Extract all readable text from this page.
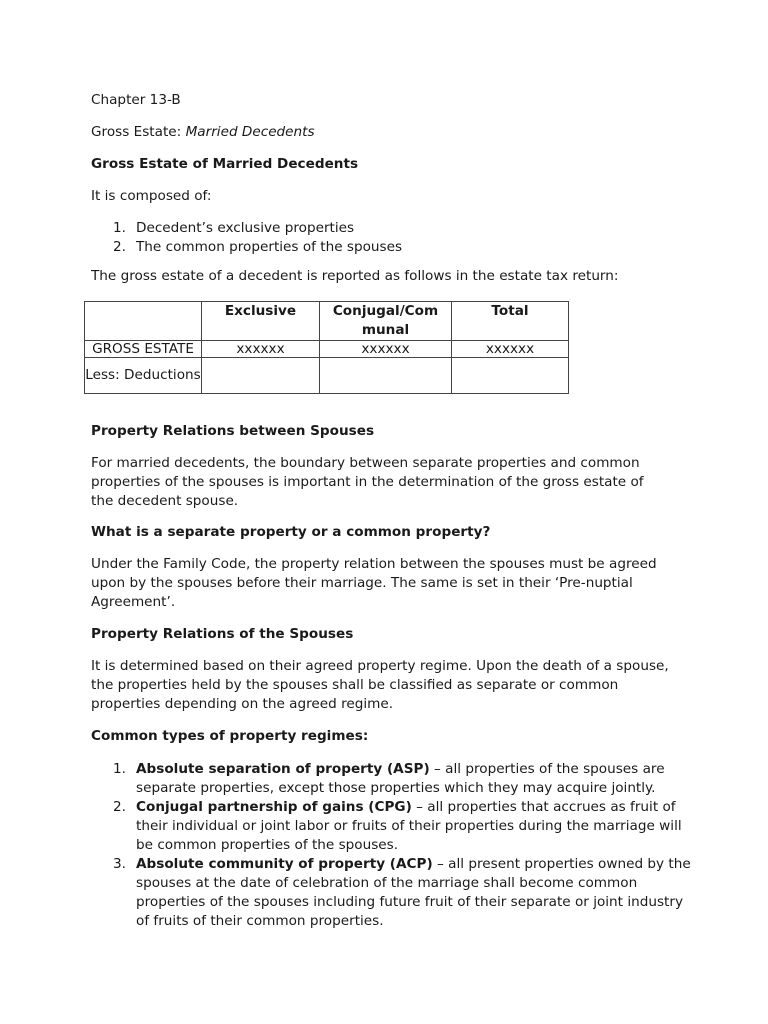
Chapter 13-B

Gross Estate: Married Decedents

Gross Estate of Married Decedents

It is composed of:

1. Decedent’s exclusive properties
2. The common properties of the spouses

The gross estate of a decedent is reported as follows in the estate tax return:

	Exclusive	Conjugal/Com munal	Total
GROSS ESTATE	xxxxxx	xxxxxx	xxxxxx
Less: Deductions			

Property Relations between Spouses

For married decedents, the boundary between separate properties and common properties of the spouses is important in the determination of the gross estate of the decedent spouse.

What is a separate property or a common property?

Under the Family Code, the property relation between the spouses must be agreed upon by the spouses before their marriage. The same is set in their ‘Pre-nuptial Agreement’.

Property Relations of the Spouses

It is determined based on their agreed property regime. Upon the death of a spouse, the properties held by the spouses shall be classified as separate or common properties depending on the agreed regime.

Common types of property regimes:

1. Absolute separation of property (ASP) – all properties of the spouses are separate properties, except those properties which they may acquire jointly.
2. Conjugal partnership of gains (CPG) – all properties that accrues as fruit of their individual or joint labor or fruits of their properties during the marriage will be common properties of the spouses.
3. Absolute community of property (ACP) – all present properties owned by the spouses at the date of celebration of the marriage shall become common properties of the spouses including future fruit of their separate or joint industry of fruits of their common properties.
